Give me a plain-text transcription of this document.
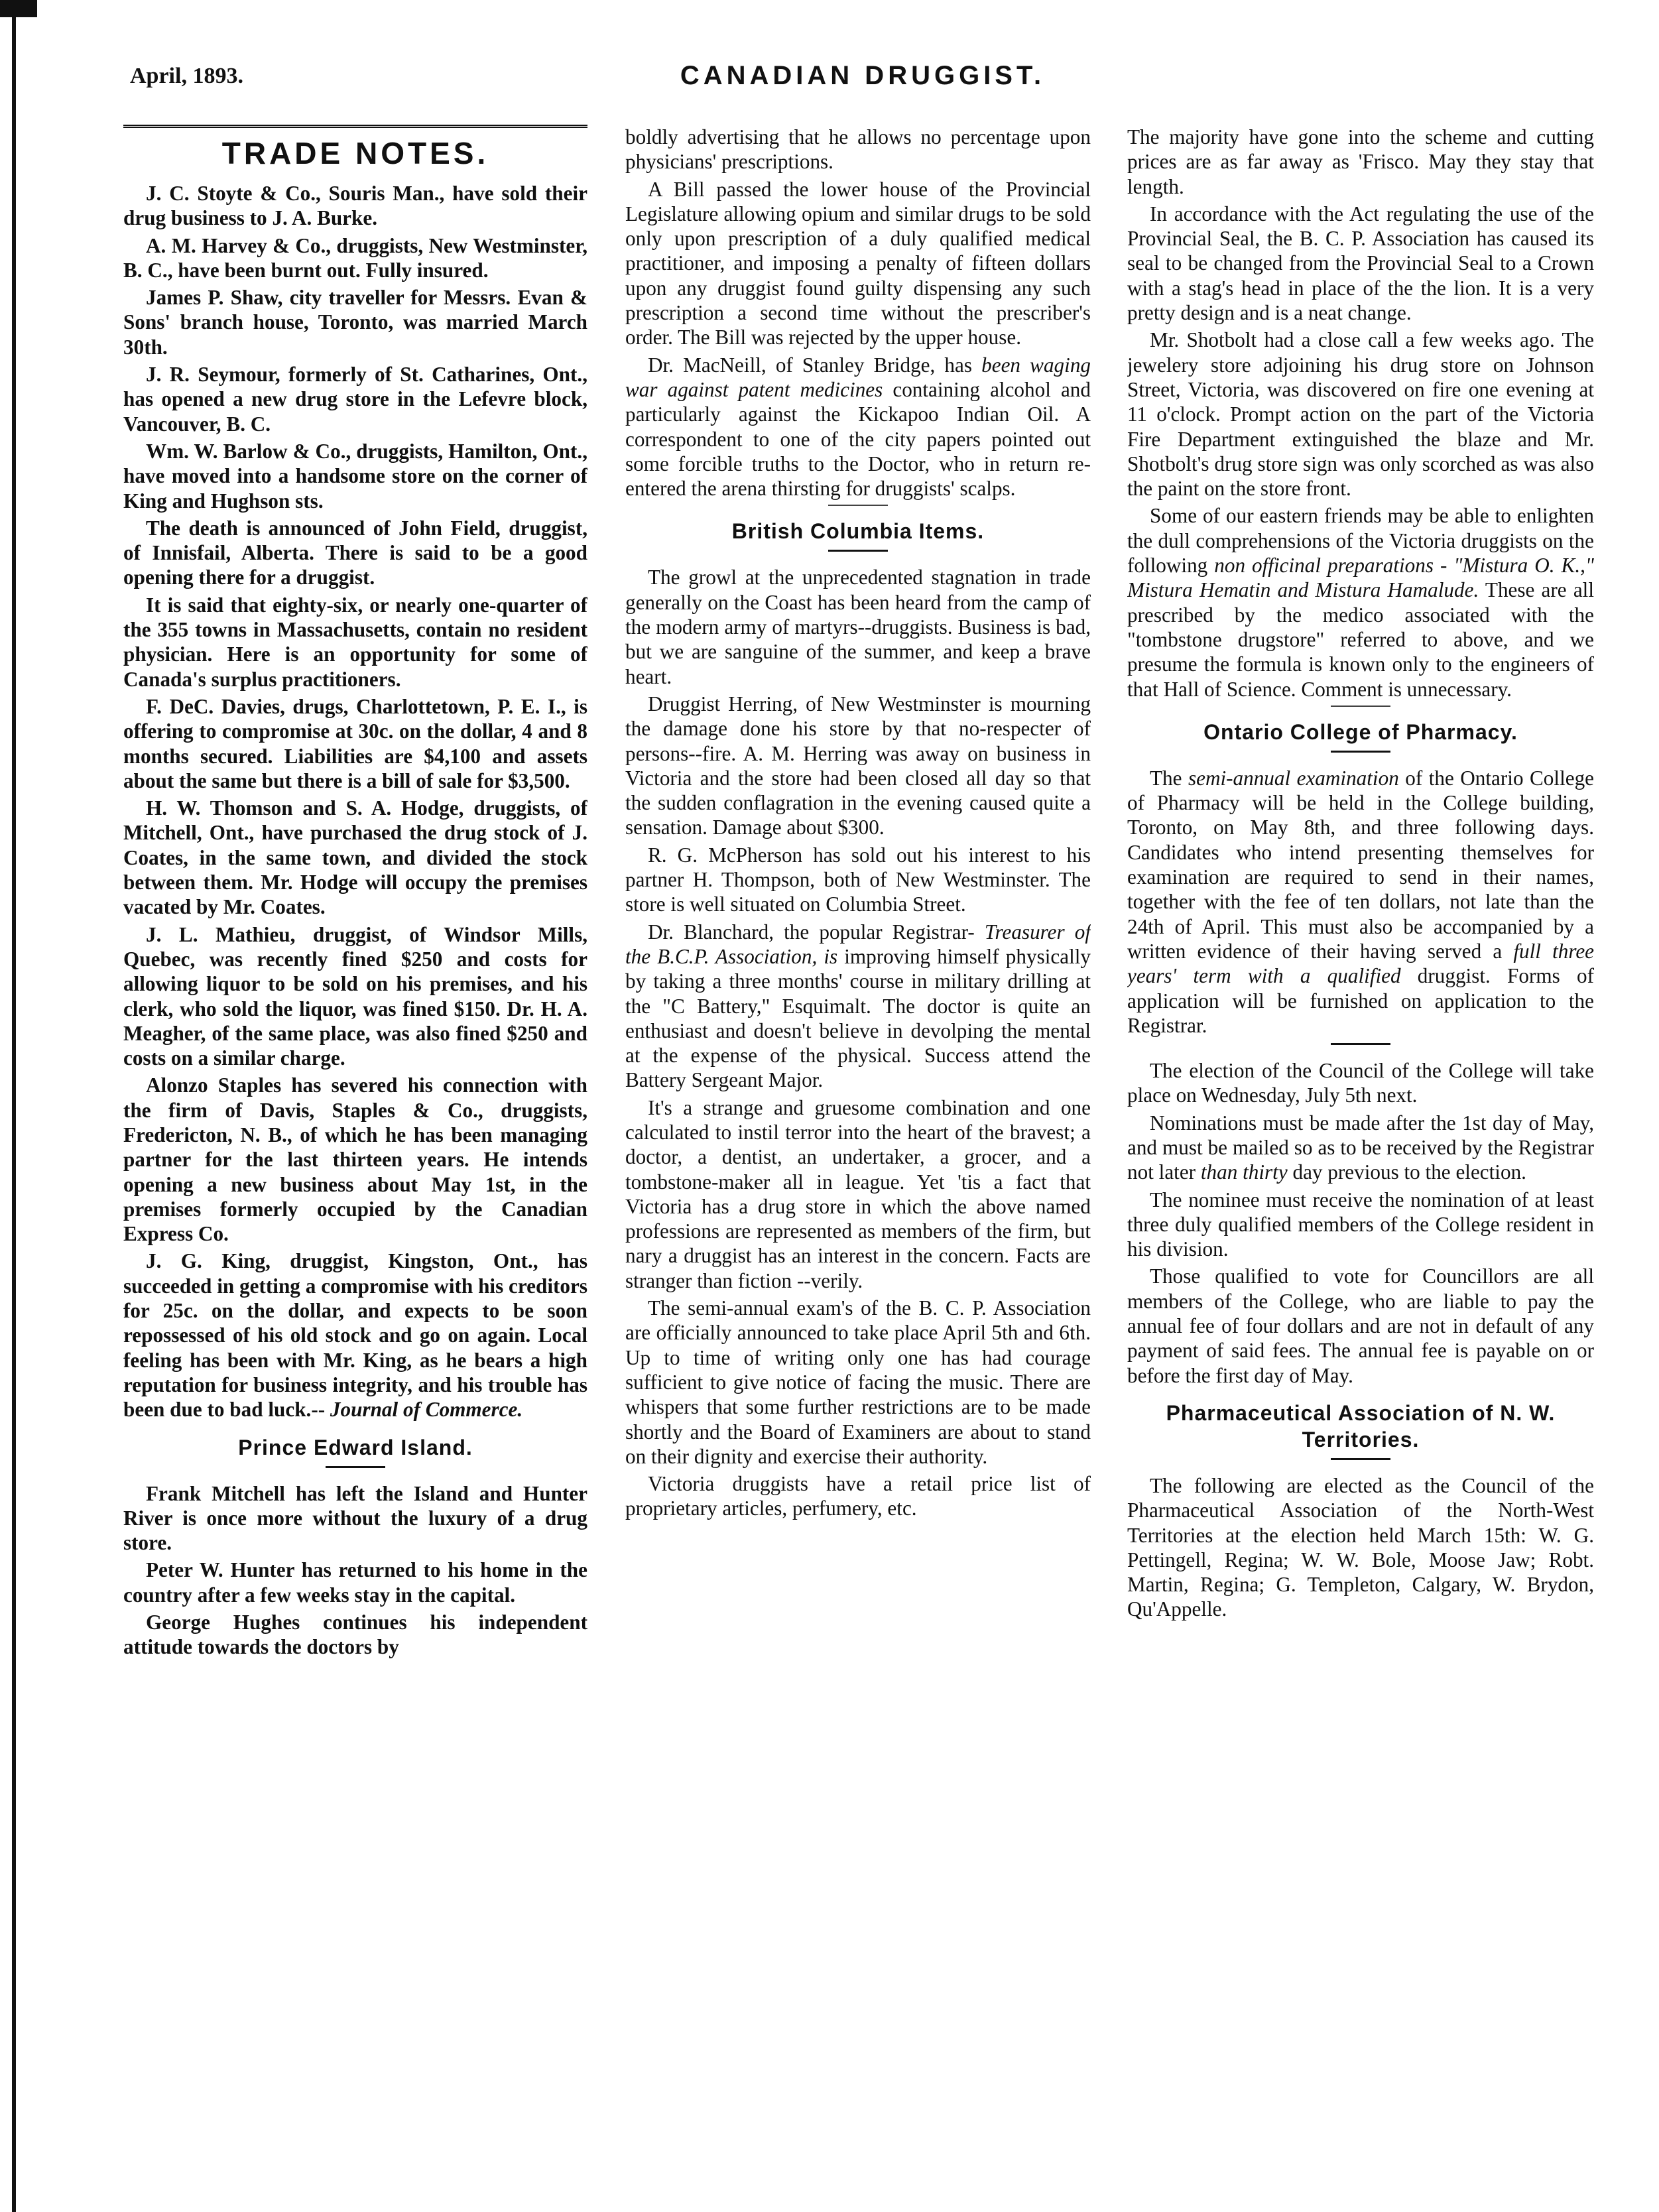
April, 1893.	CANADIAN DRUGGIST.
TRADE NOTES.

J. C. Stoyte & Co., Souris Man., have sold their drug business to J. A. Burke.

A. M. Harvey & Co., druggists, New Westminster, B. C., have been burnt out. Fully insured.

James P. Shaw, city traveller for Messrs. Evan & Sons' branch house, Toronto, was married March 30th.

J. R. Seymour, formerly of St. Catharines, Ont., has opened a new drug store in the Lefevre block, Vancouver, B. C.

Wm. W. Barlow & Co., druggists, Hamilton, Ont., have moved into a handsome store on the corner of King and Hughson sts.

The death is announced of John Field, druggist, of Innisfail, Alberta. There is said to be a good opening there for a druggist.

It is said that eighty-six, or nearly one-quarter of the 355 towns in Massachusetts, contain no resident physician. Here is an opportunity for some of Canada's surplus practitioners.

F. DeC. Davies, drugs, Charlottetown, P. E. I., is offering to compromise at 30c. on the dollar, 4 and 8 months secured. Liabilities are $4,100 and assets about the same but there is a bill of sale for $3,500.

H. W. Thomson and S. A. Hodge, druggists, of Mitchell, Ont., have purchased the drug stock of J. Coates, in the same town, and divided the stock between them. Mr. Hodge will occupy the premises vacated by Mr. Coates.

J. L. Mathieu, druggist, of Windsor Mills, Quebec, was recently fined $250 and costs for allowing liquor to be sold on his premises, and his clerk, who sold the liquor, was fined $150. Dr. H. A. Meagher, of the same place, was also fined $250 and costs on a similar charge.

Alonzo Staples has severed his connection with the firm of Davis, Staples & Co., druggists, Fredericton, N. B., of which he has been managing partner for the last thirteen years. He intends opening a new business about May 1st, in the premises formerly occupied by the Canadian Express Co.

J. G. King, druggist, Kingston, Ont., has succeeded in getting a compromise with his creditors for 25c. on the dollar, and expects to be soon repossessed of his old stock and go on again. Local feeling has been with Mr. King, as he bears a high reputation for business integrity, and his trouble has been due to bad luck.-- Journal of Commerce.

Prince Edward Island.

Frank Mitchell has left the Island and Hunter River is once more without the luxury of a drug store.

Peter W. Hunter has returned to his home in the country after a few weeks stay in the capital.

George Hughes continues his independent attitude towards the doctors by

boldly advertising that he allows no percentage upon physicians' prescriptions.

A Bill passed the lower house of the Provincial Legislature allowing opium and similar drugs to be sold only upon prescription of a duly qualified medical practitioner, and imposing a penalty of fifteen dollars upon any druggist found guilty dispensing any such prescription a second time without the prescriber's order. The Bill was rejected by the upper house.

Dr. MacNeill, of Stanley Bridge, has been waging war against patent medicines containing alcohol and particularly against the Kickapoo Indian Oil. A correspondent to one of the city papers pointed out some forcible truths to the Doctor, who in return re-entered the arena thirsting for druggists' scalps.

British Columbia Items.

The growl at the unprecedented stagnation in trade generally on the Coast has been heard from the camp of the modern army of martyrs--druggists. Business is bad, but we are sanguine of the summer, and keep a brave heart.

Druggist Herring, of New Westminster is mourning the damage done his store by that no-respecter of persons--fire. A. M. Herring was away on business in Victoria and the store had been closed all day so that the sudden conflagration in the evening caused quite a sensation. Damage about $300.

R. G. McPherson has sold out his interest to his partner H. Thompson, both of New Westminster. The store is well situated on Columbia Street.

Dr. Blanchard, the popular Registrar- Treasurer of the B.C.P. Association, is improving himself physically by taking a three months' course in military drilling at the "C Battery," Esquimalt. The doctor is quite an enthusiast and doesn't believe in devolping the mental at the expense of the physical. Success attend the Battery Sergeant Major.

It's a strange and gruesome combination and one calculated to instil terror into the heart of the bravest; a doctor, a dentist, an undertaker, a grocer, and a tombstone-maker all in league. Yet 'tis a fact that Victoria has a drug store in which the above named professions are represented as members of the firm, but nary a druggist has an interest in the concern. Facts are stranger than fiction --verily.

The semi-annual exam's of the B. C. P. Association are officially announced to take place April 5th and 6th. Up to time of writing only one has had courage sufficient to give notice of facing the music. There are whispers that some further restrictions are to be made shortly and the Board of Examiners are about to stand on their dignity and exercise their authority.

Victoria druggists have a retail price list of proprietary articles, perfumery, etc.

The majority have gone into the scheme and cutting prices are as far away as 'Frisco. May they stay that length.

In accordance with the Act regulating the use of the Provincial Seal, the B. C. P. Association has caused its seal to be changed from the Provincial Seal to a Crown with a stag's head in place of the the lion. It is a very pretty design and is a neat change.

Mr. Shotbolt had a close call a few weeks ago. The jewelery store adjoining his drug store on Johnson Street, Victoria, was discovered on fire one evening at 11 o'clock. Prompt action on the part of the Victoria Fire Department extinguished the blaze and Mr. Shotbolt's drug store sign was only scorched as was also the paint on the store front.

Some of our eastern friends may be able to enlighten the dull comprehensions of the Victoria druggists on the following non officinal preparations - "Mistura O. K.," Mistura Hematin and Mistura Hamalude. These are all prescribed by the medico associated with the "tombstone drugstore" referred to above, and we presume the formula is known only to the engineers of that Hall of Science. Comment is unnecessary.

Ontario College of Pharmacy.

The semi-annual examination of the Ontario College of Pharmacy will be held in the College building, Toronto, on May 8th, and three following days. Candidates who intend presenting themselves for examination are required to send in their names, together with the fee of ten dollars, not late than the 24th of April. This must also be accompanied by a written evidence of their having served a full three years' term with a qualified druggist. Forms of application will be furnished on application to the Registrar.

The election of the Council of the College will take place on Wednesday, July 5th next.

Nominations must be made after the 1st day of May, and must be mailed so as to be received by the Registrar not later than thirty day previous to the election.

The nominee must receive the nomination of at least three duly qualified members of the College resident in his division.

Those qualified to vote for Councillors are all members of the College, who are liable to pay the annual fee of four dollars and are not in default of any payment of said fees. The annual fee is payable on or before the first day of May.

Pharmaceutical Association of N. W. Territories.

The following are elected as the Council of the Pharmaceutical Association of the North-West Territories at the election held March 15th: W. G. Pettingell, Regina; W. W. Bole, Moose Jaw; Robt. Martin, Regina; G. Templeton, Calgary, W. Brydon, Qu'Appelle.
